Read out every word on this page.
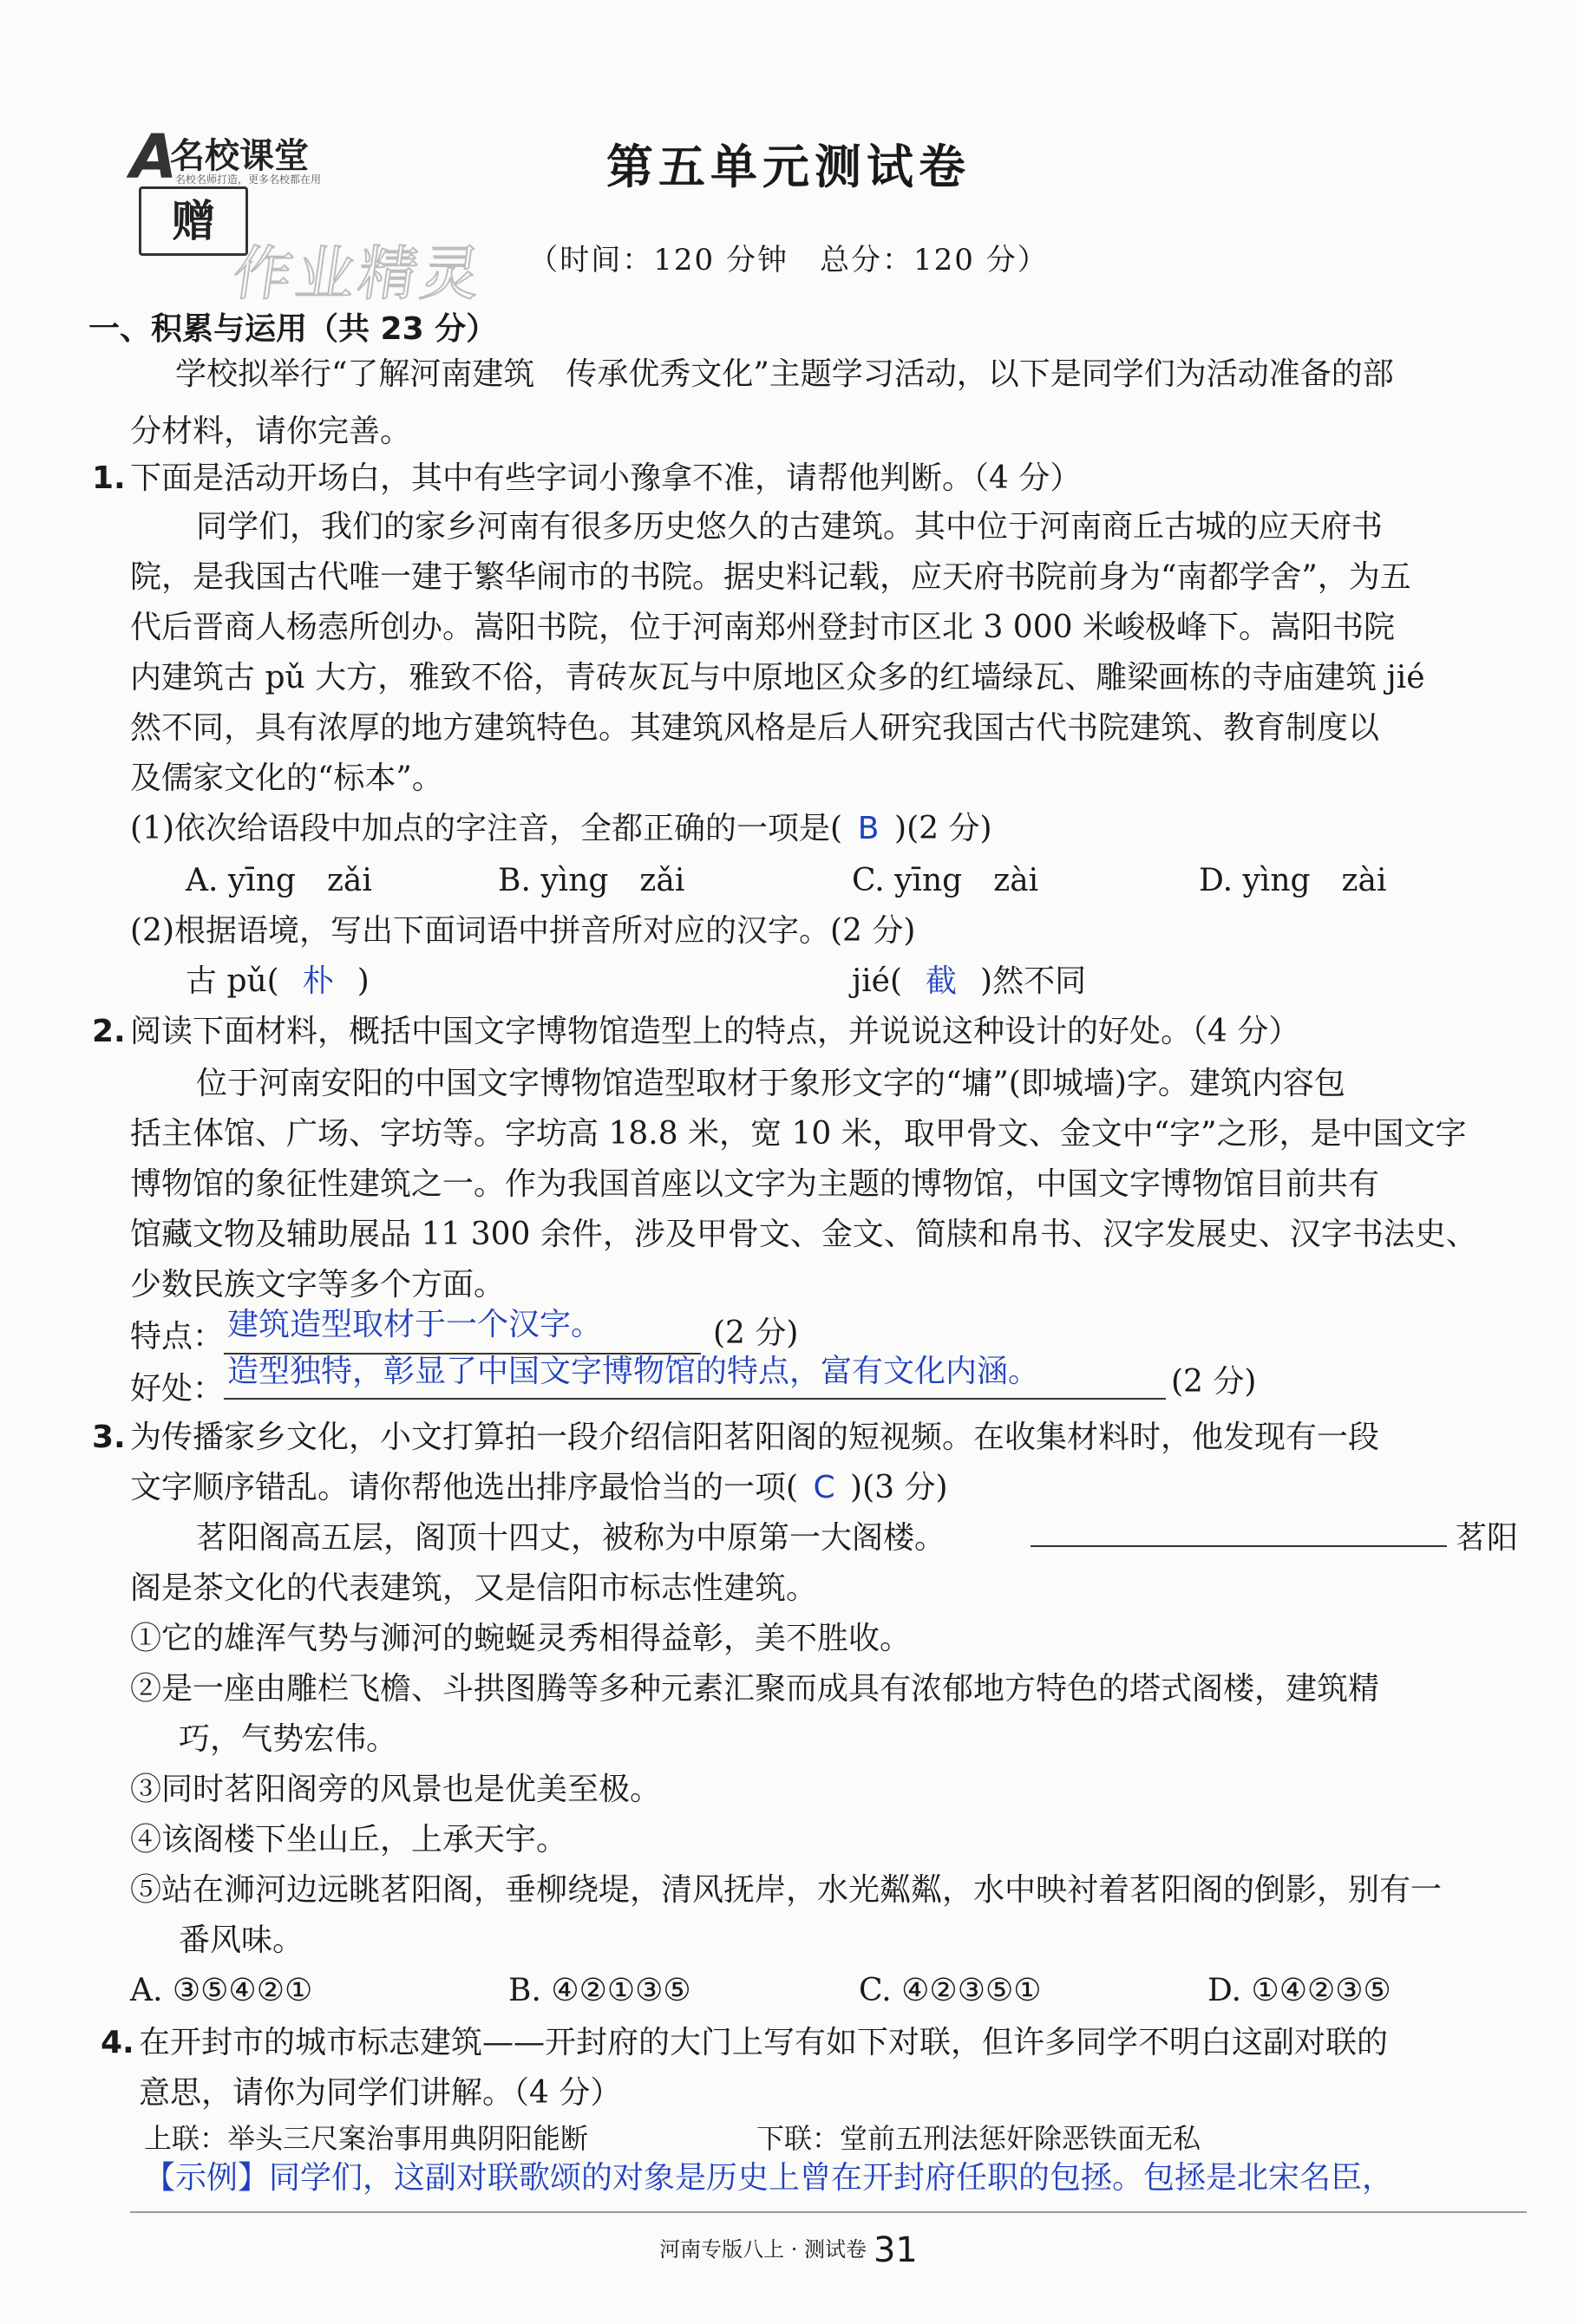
A
名校课堂
名校名师打造，更多名校都在用
赠
作业精灵
第五单元测试卷
（时间：120 分钟　总分：120 分）
一、积累与运用（共 23 分）
学校拟举行“了解河南建筑　传承优秀文化”主题学习活动，以下是同学们为活动准备的部
分材料，请你完善。
1. 下面是活动开场白，其中有些字词小豫拿不准，请帮他判断。（4 分）
同学们，我们的家乡河南有很多历史悠久的古建筑。其中位于河南商丘古城的应天府书
院，是我国古代唯一建于繁华闹市的书院。据史料记载，应天府书院前身为“南都学舍”，为五
代后晋商人杨悫所创办。嵩阳书院，位于河南郑州登封市区北 3 000 米峻极峰下。嵩阳书院
内建筑古 pǔ 大方，雅致不俗，青砖灰瓦与中原地区众多的红墙绿瓦、雕梁画栋的寺庙建筑 jié
然不同，具有浓厚的地方建筑特色。其建筑风格是后人研究我国古代书院建筑、教育制度以
及儒家文化的“标本”。
(1)依次给语段中加点的字注音，全都正确的一项是( B )(2 分)
A. yīng　zǎi	B. yìng　zǎi	C. yīng　zài	D. yìng　zài
(2)根据语境，写出下面词语中拼音所对应的汉字。(2 分)
古 pǔ( 朴 )	jié( 截 )然不同
2. 阅读下面材料，概括中国文字博物馆造型上的特点，并说说这种设计的好处。（4 分）
位于河南安阳的中国文字博物馆造型取材于象形文字的“墉”(即城墙)字。建筑内容包
括主体馆、广场、字坊等。字坊高 18.8 米，宽 10 米，取甲骨文、金文中“字”之形，是中国文字
博物馆的象征性建筑之一。作为我国首座以文字为主题的博物馆，中国文字博物馆目前共有
馆藏文物及辅助展品 11 300 余件，涉及甲骨文、金文、简牍和帛书、汉字发展史、汉字书法史、
少数民族文字等多个方面。
特点： 建筑造型取材于一个汉字。	(2 分)
好处： 造型独特，彰显了中国文字博物馆的特点，富有文化内涵。	(2 分)
3. 为传播家乡文化，小文打算拍一段介绍信阳茗阳阁的短视频。在收集材料时，他发现有一段
文字顺序错乱。请你帮他选出排序最恰当的一项( C )(3 分)
茗阳阁高五层，阁顶十四丈，被称为中原第一大阁楼。	茗阳
阁是茶文化的代表建筑，又是信阳市标志性建筑。
①它的雄浑气势与浉河的蜿蜒灵秀相得益彰，美不胜收。
②是一座由雕栏飞檐、斗拱图腾等多种元素汇聚而成具有浓郁地方特色的塔式阁楼，建筑精
巧，气势宏伟。
③同时茗阳阁旁的风景也是优美至极。
④该阁楼下坐山丘，上承天宇。
⑤站在浉河边远眺茗阳阁，垂柳绕堤，清风抚岸，水光粼粼，水中映衬着茗阳阁的倒影，别有一
番风味。
A. ③⑤④②①	B. ④②①③⑤	C. ④②③⑤①	D. ①④②③⑤
4. 在开封市的城市标志建筑——开封府的大门上写有如下对联，但许多同学不明白这副对联的
意思，请你为同学们讲解。（4 分）
上联：举头三尺案治事用典阴阳能断	下联：堂前五刑法惩奸除恶铁面无私
【示例】同学们，这副对联歌颂的对象是历史上曾在开封府任职的包拯。包拯是北宋名臣，
河南专版八上 · 测试卷 31
